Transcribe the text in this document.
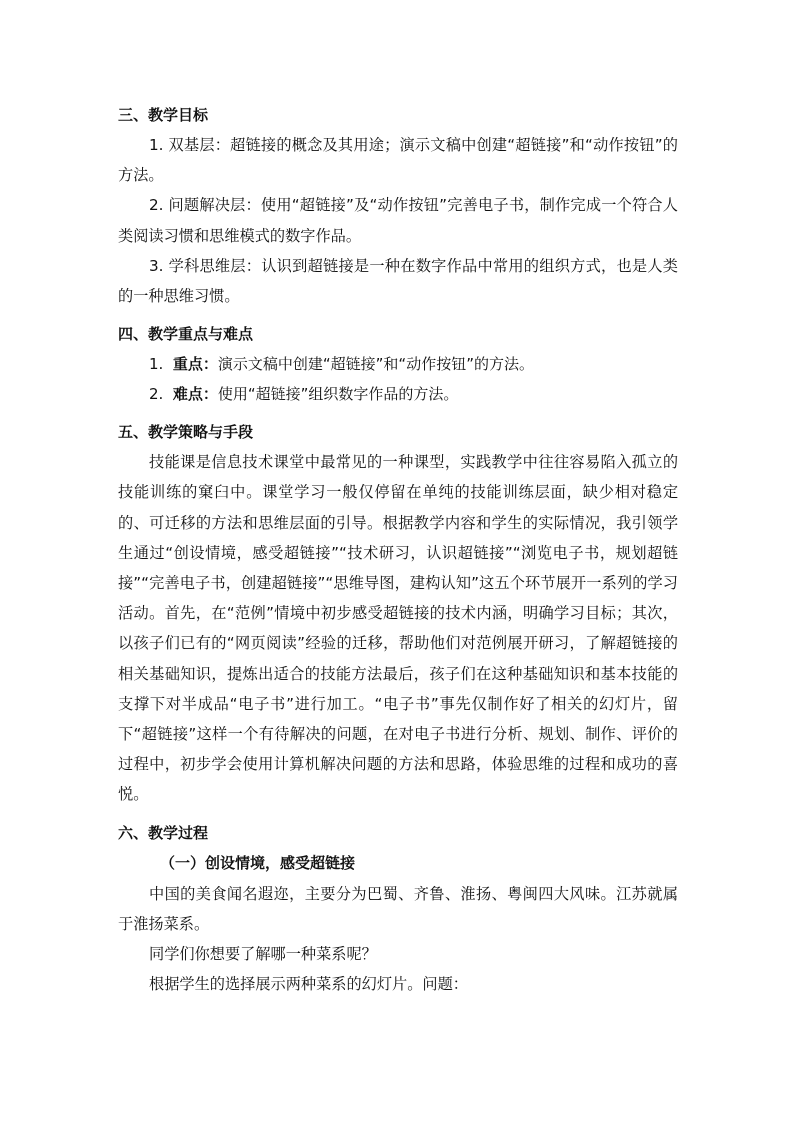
三、教学目标
1. 双基层：超链接的概念及其用途；演示文稿中创建“超链接”和“动作按钮”的方法。
2. 问题解决层：使用“超链接”及“动作按钮”完善电子书，制作完成一个符合人类阅读习惯和思维模式的数字作品。
3. 学科思维层：认识到超链接是一种在数字作品中常用的组织方式，也是人类的一种思维习惯。
四、教学重点与难点
1. 重点：演示文稿中创建“超链接”和“动作按钮”的方法。
2. 难点：使用“超链接”组织数字作品的方法。
五、教学策略与手段
技能课是信息技术课堂中最常见的一种课型，实践教学中往往容易陷入孤立的技能训练的窠臼中。课堂学习一般仅停留在单纯的技能训练层面，缺少相对稳定的、可迁移的方法和思维层面的引导。根据教学内容和学生的实际情况，我引领学生通过“创设情境，感受超链接”“技术研习，认识超链接”“浏览电子书，规划超链接”“完善电子书，创建超链接”“思维导图，建构认知”这五个环节展开一系列的学习活动。首先，在“范例”情境中初步感受超链接的技术内涵，明确学习目标；其次，以孩子们已有的“网页阅读”经验的迁移，帮助他们对范例展开研习，了解超链接的相关基础知识，提炼出适合的技能方法最后，孩子们在这种基础知识和基本技能的支撑下对半成品“电子书”进行加工。“电子书”事先仅制作好了相关的幻灯片，留下“超链接”这样一个有待解决的问题，在对电子书进行分析、规划、制作、评价的过程中，初步学会使用计算机解决问题的方法和思路，体验思维的过程和成功的喜悦。
六、教学过程
（一）创设情境，感受超链接
中国的美食闻名遐迩，主要分为巴蜀、齐鲁、淮扬、粤闽四大风味。江苏就属于淮扬菜系。
同学们你想要了解哪一种菜系呢？
根据学生的选择展示两种菜系的幻灯片。问题：
